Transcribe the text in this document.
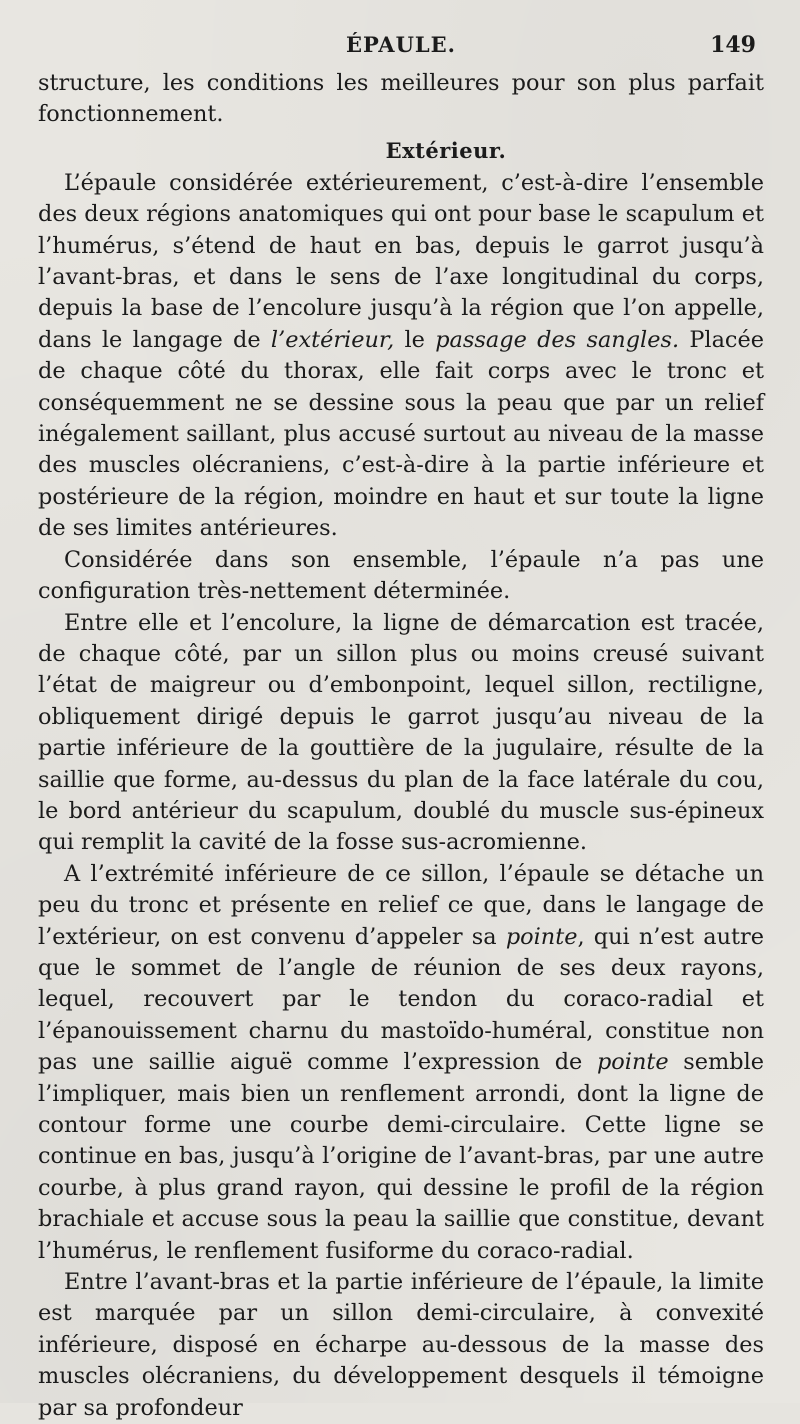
ÉPAULE.	149

structure, les conditions les meilleures pour son plus parfait fonctionnement.

Extérieur.

L’épaule considérée extérieurement, c’est-à-dire l’ensemble des deux régions anatomiques qui ont pour base le scapulum et l’humérus, s’étend de haut en bas, depuis le garrot jusqu’à l’avant-bras, et dans le sens de l’axe longitudinal du corps, depuis la base de l’encolure jusqu’à la région que l’on appelle, dans le langage de l’extérieur, le passage des sangles. Placée de chaque côté du thorax, elle fait corps avec le tronc et conséquemment ne se dessine sous la peau que par un relief inégalement saillant, plus accusé surtout au niveau de la masse des muscles olécraniens, c’est-à-dire à la partie inférieure et postérieure de la région, moindre en haut et sur toute la ligne de ses limites antérieures.

Considérée dans son ensemble, l’épaule n’a pas une configuration très-nettement déterminée.

Entre elle et l’encolure, la ligne de démarcation est tracée, de chaque côté, par un sillon plus ou moins creusé suivant l’état de maigreur ou d’embonpoint, lequel sillon, rectiligne, obliquement dirigé depuis le garrot jusqu’au niveau de la partie inférieure de la gouttière de la jugulaire, résulte de la saillie que forme, au-dessus du plan de la face latérale du cou, le bord antérieur du scapulum, doublé du muscle sus-épineux qui remplit la cavité de la fosse sus-acromienne.

A l’extrémité inférieure de ce sillon, l’épaule se détache un peu du tronc et présente en relief ce que, dans le langage de l’extérieur, on est convenu d’appeler sa pointe, qui n’est autre que le sommet de l’angle de réunion de ses deux rayons, lequel, recouvert par le tendon du coraco-radial et l’épanouissement charnu du mastoïdo-huméral, constitue non pas une saillie aiguë comme l’expression de pointe semble l’impliquer, mais bien un renflement arrondi, dont la ligne de contour forme une courbe demi-circulaire. Cette ligne se continue en bas, jusqu’à l’origine de l’avant-bras, par une autre courbe, à plus grand rayon, qui dessine le profil de la région brachiale et accuse sous la peau la saillie que constitue, devant l’humérus, le renflement fusiforme du coraco-radial.

Entre l’avant-bras et la partie inférieure de l’épaule, la limite est marquée par un sillon demi-circulaire, à convexité inférieure, disposé en écharpe au-dessous de la masse des muscles olécraniens, du développement desquels il témoigne par sa profondeur
